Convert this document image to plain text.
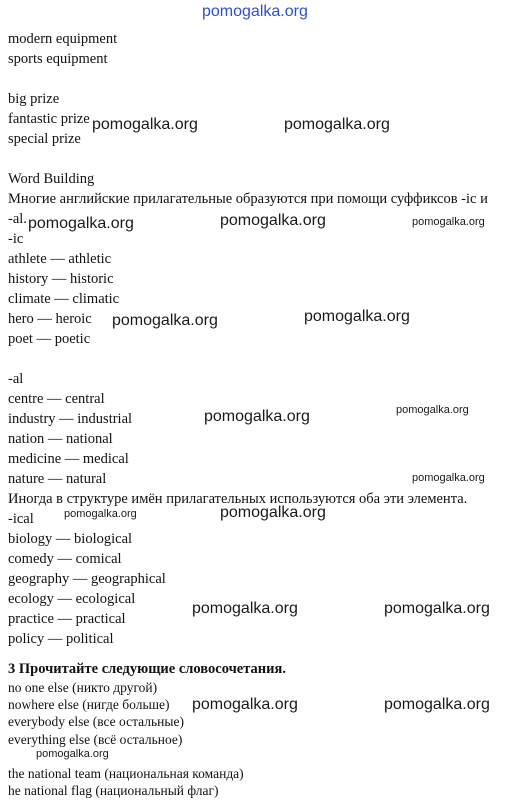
pomogalka.org
modern equipment
sports equipment
big prize
fantastic prize
special prize
Word Building
Многие английские прилагательные образуются при помощи суффиксов -ic и
-al.
-ic
athlete — athletic
history — historic
climate — climatic
hero — heroic
poet — poetic
-al
centre — central
industry — industrial
nation — national
medicine — medical
nature — natural
Иногда в структуре имён прилагательных используются оба эти элемента.
-ical
biology — biological
comedy — comical
geography — geographical
ecology — ecological
practice — practical
policy — political
3 Прочитайте следующие словосочетания.
no one else (никто другой)
nowhere else (нигде больше)
everybody else (все остальные)
everything else (всё остальное)
the national team (национальная команда)
he national flag (национальный флаг)
pomogalka.org	pomogalka.org
pomogalka.org	pomogalka.org	pomogalka.org
pomogalka.org	pomogalka.org
pomogalka.org	pomogalka.org
pomogalka.org
pomogalka.org	pomogalka.org
pomogalka.org	pomogalka.org
pomogalka.org	pomogalka.org
pomogalka.org
